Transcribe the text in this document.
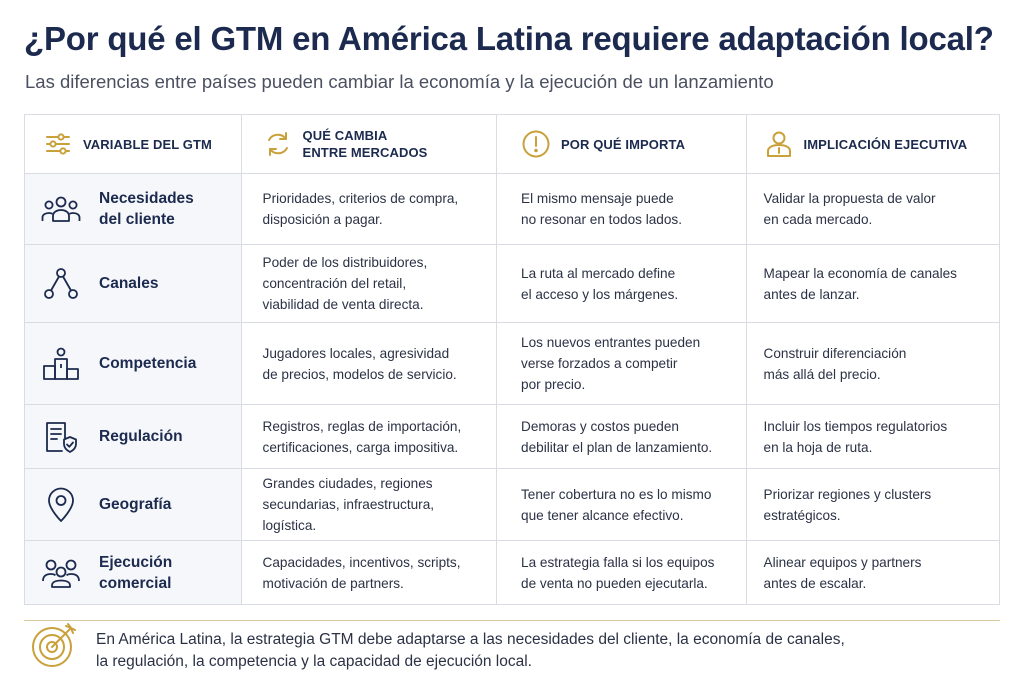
¿Por qué el GTM en América Latina requiere adaptación local?
Las diferencias entre países pueden cambiar la economía y la ejecución de un lanzamiento
VARIABLE DEL GTM
QUÉ CAMBIA
ENTRE MERCADOS
POR QUÉ IMPORTA	IMPLICACIÓN EJECUTIVA
Necesidades
del cliente
Prioridades, criterios de compra,
disposición a pagar.
El mismo mensaje puede
no resonar en todos lados.
Validar la propuesta de valor
en cada mercado.
Canales
Poder de los distribuidores,
concentración del retail,
viabilidad de venta directa.
La ruta al mercado define
el acceso y los márgenes.
Mapear la economía de canales
antes de lanzar.
Competencia
Jugadores locales, agresividad
de precios, modelos de servicio.
Los nuevos entrantes pueden
verse forzados a competir
por precio.
Construir diferenciación
más allá del precio.
Regulación
Registros, reglas de importación,
certificaciones, carga impositiva.
Demoras y costos pueden
debilitar el plan de lanzamiento.
Incluir los tiempos regulatorios
en la hoja de ruta.
Geografía
Grandes ciudades, regiones
secundarias, infraestructura,
logística.
Tener cobertura no es lo mismo
que tener alcance efectivo.
Priorizar regiones y clusters
estratégicos.
Ejecución
comercial
Capacidades, incentivos, scripts,
motivación de partners.
La estrategia falla si los equipos
de venta no pueden ejecutarla.
Alinear equipos y partners
antes de escalar.
En América Latina, la estrategia GTM debe adaptarse a las necesidades del cliente, la economía de canales,
la regulación, la competencia y la capacidad de ejecución local.
